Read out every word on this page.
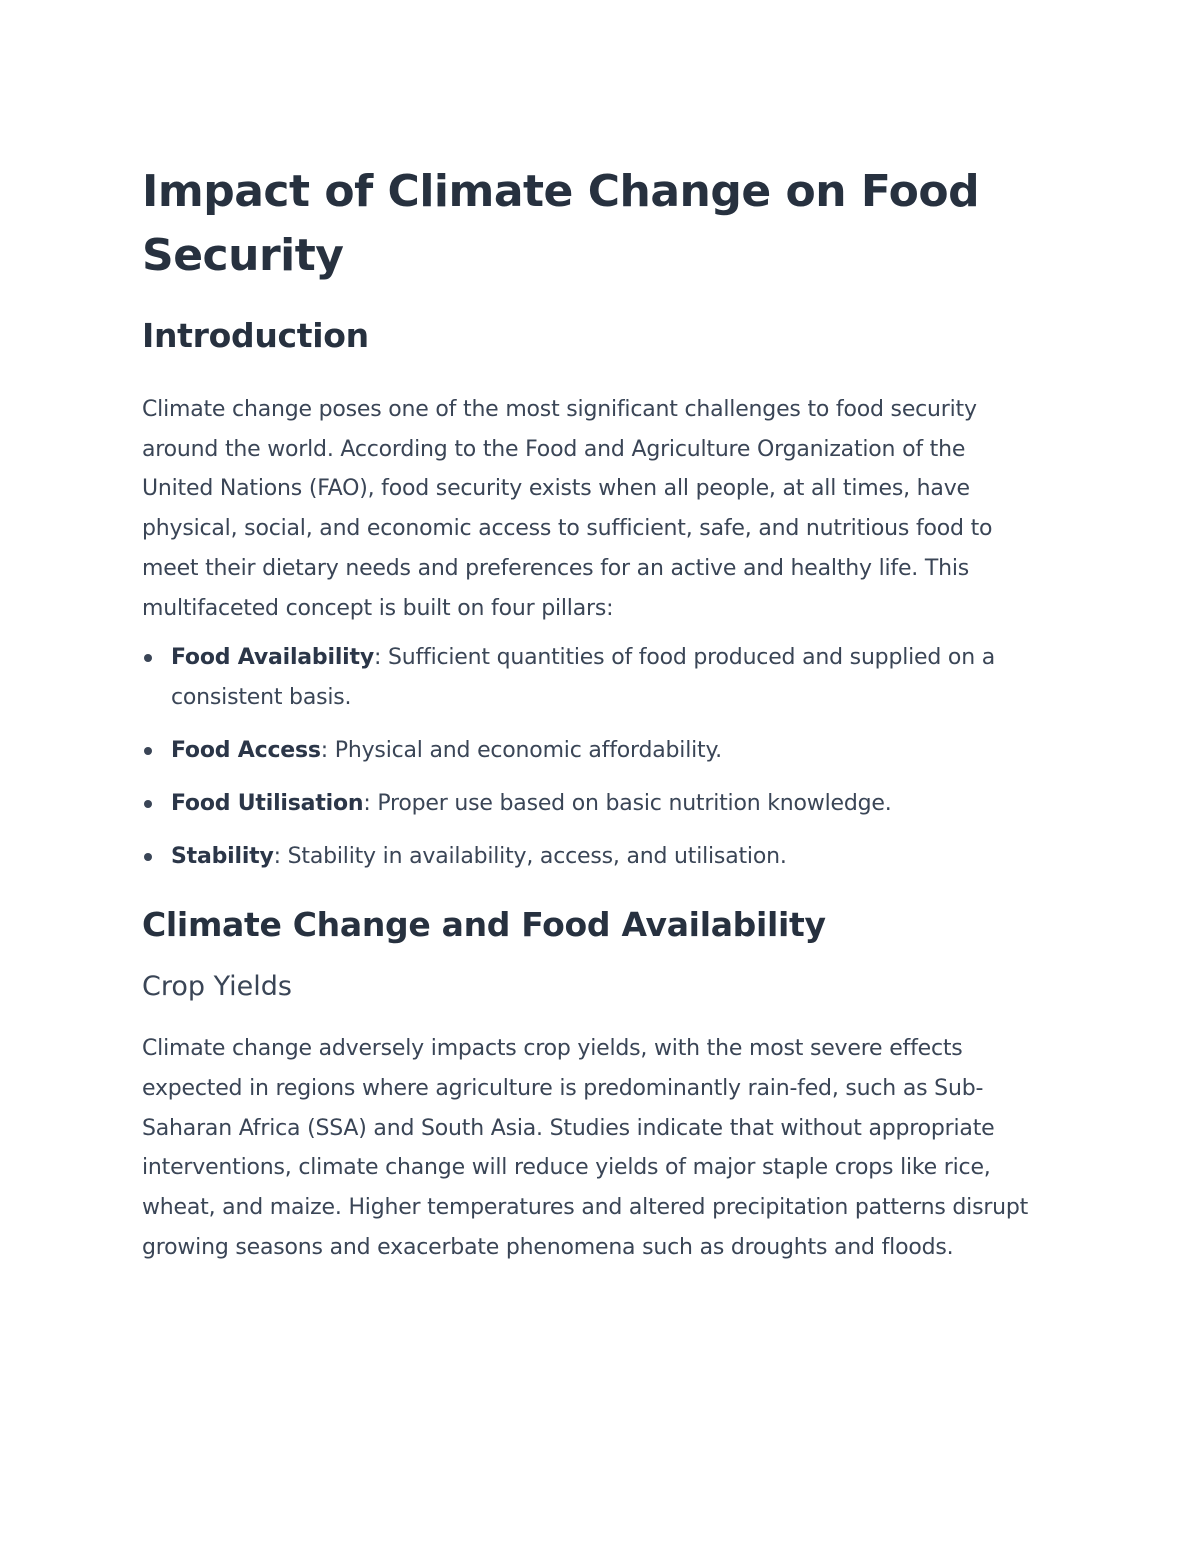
Impact of Climate Change on Food Security
Introduction

Climate change poses one of the most significant challenges to food security around the world. According to the Food and Agriculture Organization of the United Nations (FAO), food security exists when all people, at all times, have physical, social, and economic access to sufficient, safe, and nutritious food to meet their dietary needs and preferences for an active and healthy life. This multifaceted concept is built on four pillars:

Food Availability: Sufficient quantities of food produced and supplied on a consistent basis.
Food Access: Physical and economic affordability.
Food Utilisation: Proper use based on basic nutrition knowledge.
Stability: Stability in availability, access, and utilisation.
Climate Change and Food Availability
Crop Yields

Climate change adversely impacts crop yields, with the most severe effects expected in regions where agriculture is predominantly rain-fed, such as Sub-Saharan Africa (SSA) and South Asia. Studies indicate that without appropriate interventions, climate change will reduce yields of major staple crops like rice, wheat, and maize. Higher temperatures and altered precipitation patterns disrupt growing seasons and exacerbate phenomena such as droughts and floods.
